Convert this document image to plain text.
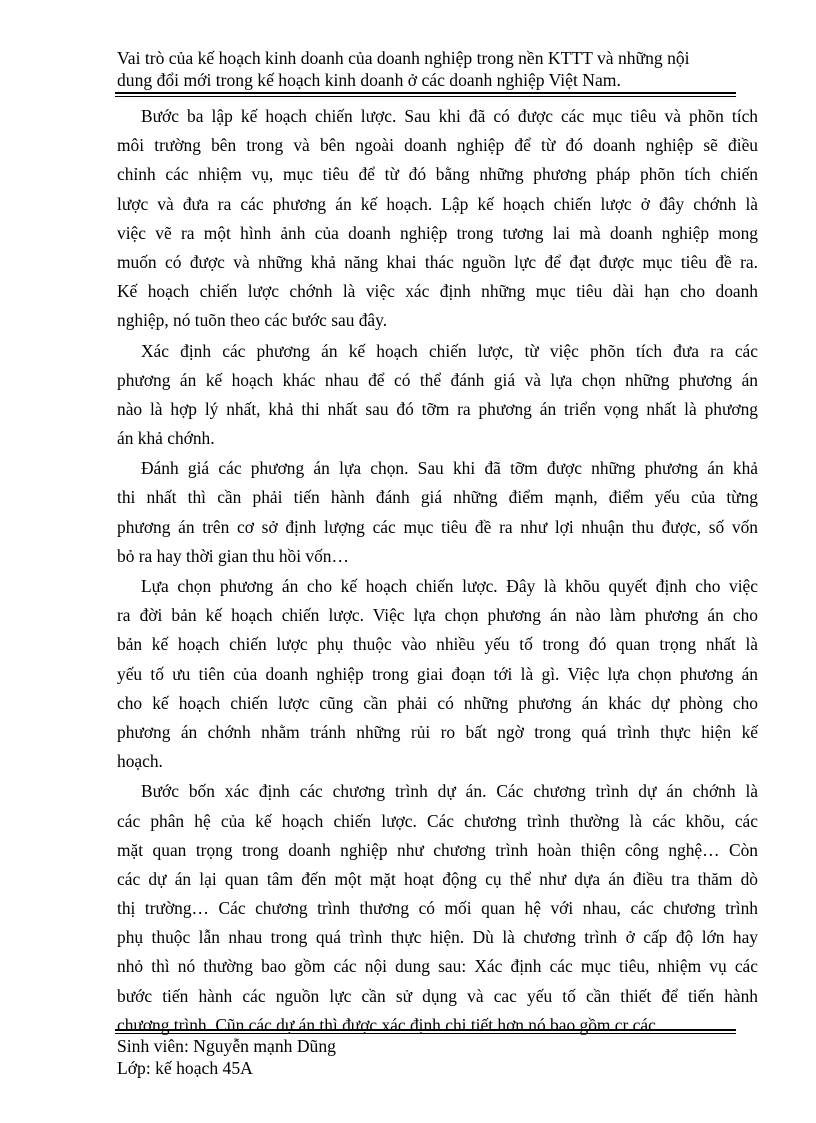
Vai trò của kế hoạch kinh doanh của doanh nghiệp trong nền KTTT và những nội
dung đổi mới trong kế hoạch kinh doanh ở các doanh nghiệp Việt Nam.
Bước ba lập kế hoạch chiến lược. Sau khi đã có được các mục tiêu và phõn tích
môi trường bên trong và bên ngoài doanh nghiệp để từ đó doanh nghiệp sẽ điều
chỉnh các nhiệm vụ, mục tiêu để từ đó bằng những phương pháp phõn tích chiến
lược và đưa ra các phương án kế hoạch. Lập kế hoạch chiến lược ở đây chớnh là
việc vẽ ra một hình ảnh của doanh nghiệp trong tương lai mà doanh nghiệp mong
muốn có được và những khả năng khai thác nguồn lực để đạt được mục tiêu đề ra.
Kế hoạch chiến lược chớnh là việc xác định những mục tiêu dài hạn cho doanh
nghiệp, nó tuõn theo các bước sau đây.
Xác định các phương án kế hoạch chiến lược, từ việc phõn tích đưa ra các
phương án kế hoạch khác nhau để có thể đánh giá và lựa chọn những phương án
nào là hợp lý nhất, khả thi nhất sau đó tỡm ra phương án triển vọng nhất là phương
án khả chớnh.
Đánh giá các phương án lựa chọn. Sau khi đã tỡm được những phương án khả
thi nhất thì cần phải tiến hành đánh giá những điểm mạnh, điểm yếu của từng
phương án trên cơ sở định lượng các mục tiêu đề ra như lợi nhuận thu được, số vốn
bỏ ra hay thời gian thu hồi vốn…
Lựa chọn phương án cho kế hoạch chiến lược. Đây là khõu quyết định cho việc
ra đời bản kế hoạch chiến lược. Việc lựa chọn phương án nào làm phương án cho
bản kế hoạch chiến lược phụ thuộc vào nhiều yếu tố trong đó quan trọng nhất là
yếu tố ưu tiên của doanh nghiệp trong giai đoạn tới là gì. Việc lựa chọn phương án
cho kế hoạch chiến lược cũng cần phải có những phương án khác dự phòng cho
phương án chớnh nhằm tránh những rủi ro bất ngờ trong quá trình thực hiện kế
hoạch.
Bước bốn xác định các chương trình dự án. Các chương trình dự án chớnh là
các phân hệ của kế hoạch chiến lược. Các chương trình thường là các khõu, các
mặt quan trọng trong doanh nghiệp như chương trình hoàn thiện công nghệ… Còn
các dự án lại quan tâm đến một mặt hoạt động cụ thể như dựa án điều tra thăm dò
thị trường… Các chương trình thương có mối quan hệ với nhau, các chương trình
phụ thuộc lẫn nhau trong quá trình thực hiện. Dù là chương trình ở cấp độ lớn hay
nhỏ thì nó thường bao gồm các nội dung sau: Xác định các mục tiêu, nhiệm vụ các
bước tiến hành các nguồn lực cần sử dụng và cac yếu tố cần thiết để tiến hành
chương trình. Cũn các dự án thì được xác định chi tiết hơn nó bao gồm cr các
Sinh viên: Nguyễn mạnh Dũng
Lớp: kế hoạch 45A
